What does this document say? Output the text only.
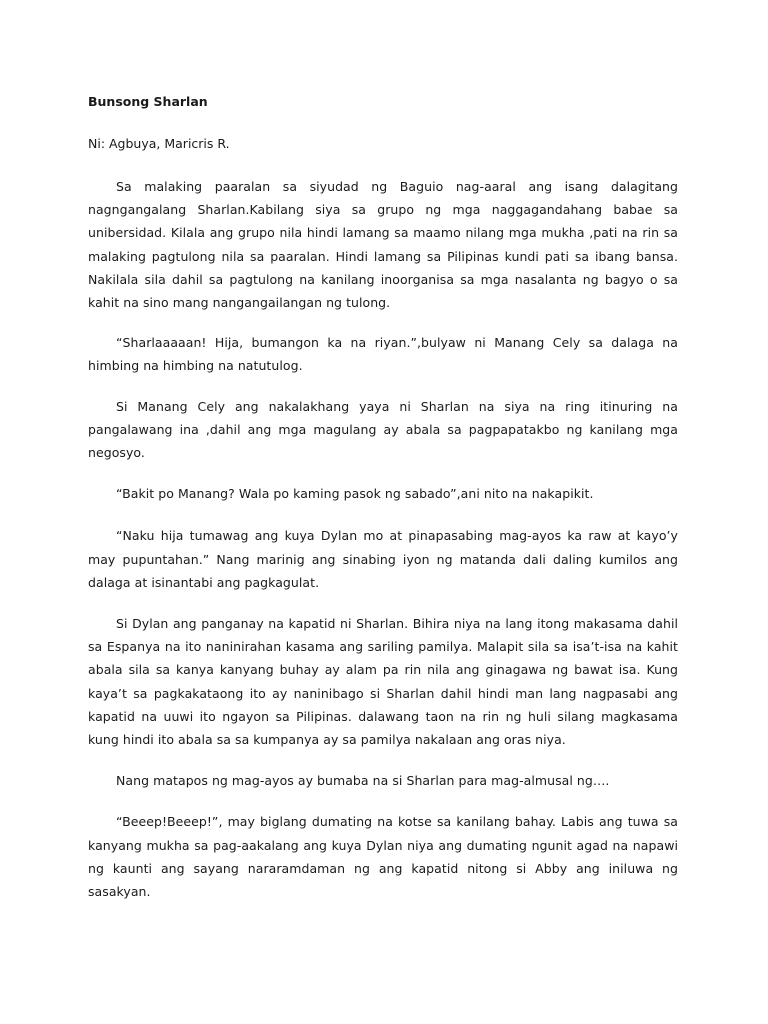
Bunsong Sharlan

Ni: Agbuya, Maricris R.

Sa malaking paaralan sa siyudad ng Baguio nag-aaral ang isang dalagitang nagngangalang Sharlan.Kabilang siya sa grupo ng mga naggagandahang babae sa unibersidad. Kilala ang grupo nila hindi lamang sa maamo nilang mga mukha ,pati na rin sa malaking pagtulong nila sa paaralan. Hindi lamang sa Pilipinas kundi pati sa ibang bansa. Nakilala sila dahil sa pagtulong na kanilang inoorganisa sa mga nasalanta ng bagyo o sa kahit na sino mang nangangailangan ng tulong.

“Sharlaaaaan! Hija, bumangon ka na riyan.”,bulyaw ni Manang Cely sa dalaga na himbing na himbing na natutulog.

Si Manang Cely ang nakalakhang yaya ni Sharlan na siya na ring itinuring na pangalawang ina ,dahil ang mga magulang ay abala sa pagpapatakbo ng kanilang mga negosyo.

“Bakit po Manang? Wala po kaming pasok ng sabado”,ani nito na nakapikit.

“Naku hija tumawag ang kuya Dylan mo at pinapasabing mag-ayos ka raw at kayo’y may pupuntahan.” Nang marinig ang sinabing iyon ng matanda dali daling kumilos ang dalaga at isinantabi ang pagkagulat.

Si Dylan ang panganay na kapatid ni Sharlan. Bihira niya na lang itong makasama dahil sa Espanya na ito naninirahan kasama ang sariling pamilya. Malapit sila sa isa’t-isa na kahit abala sila sa kanya kanyang buhay ay alam pa rin nila ang ginagawa ng bawat isa. Kung kaya’t sa pagkakataong ito ay naninibago si Sharlan dahil hindi man lang nagpasabi ang kapatid na uuwi ito ngayon sa Pilipinas. dalawang taon na rin ng huli silang magkasama kung hindi ito abala sa sa kumpanya ay sa pamilya nakalaan ang oras niya.

Nang matapos ng mag-ayos ay bumaba na si Sharlan para mag-almusal ng….

“Beeep!Beeep!”, may biglang dumating na kotse sa kanilang bahay. Labis ang tuwa sa kanyang mukha sa pag-aakalang ang kuya Dylan niya ang dumating ngunit agad na napawi ng kaunti ang sayang nararamdaman ng ang kapatid nitong si Abby ang iniluwa ng sasakyan.
